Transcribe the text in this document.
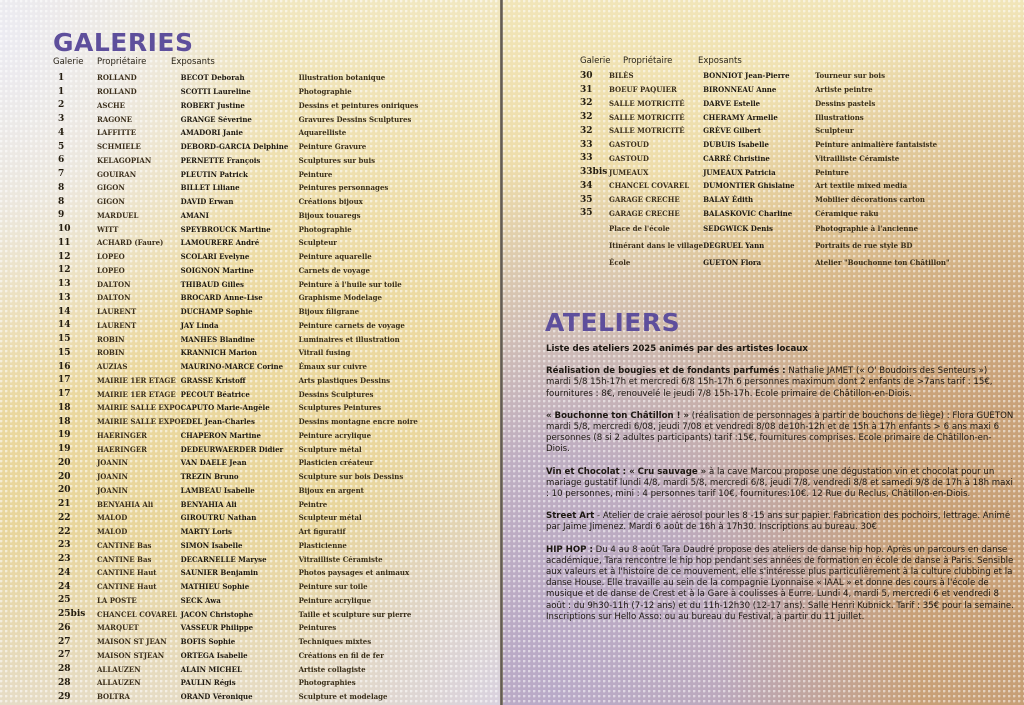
GALERIES
Galerie	Propriétaire	Exposants
1	ROLLAND	BECOT Deborah	Illustration botanique
1	ROLLAND	SCOTTI Laureline	Photographie
2	ASCHE	ROBERT Justine	Dessins et peintures oniriques
3	RAGONE	GRANGE Séverine	Gravures Dessins Sculptures
4	LAFFITTE	AMADORI Janie	Aquarelliste
5	SCHMIELE	DEBORD-GARCIA Delphine	Peinture Gravure
6	KELAGOPIAN	PERNETTE François	Sculptures sur buis
7	GOUIRAN	PLEUTIN Patrick	Peinture
8	GIGON	BILLET Liliane	Peintures personnages
8	GIGON	DAVID Erwan	Créations bijoux
9	MARDUEL	AMANI	Bijoux touaregs
10	WITT	SPEYBROUCK Martine	Photographie
11	ACHARD (Faure)	LAMOURERE André	Sculpteur
12	LOPEO	SCOLARI Evelyne	Peinture aquarelle
12	LOPEO	SOIGNON Martine	Carnets de voyage
13	DALTON	THIBAUD Gilles	Peinture à l'huile sur toile
13	DALTON	BROCARD Anne-Lise	Graphisme Modelage
14	LAURENT	DUCHAMP Sophie	Bijoux filigrane
14	LAURENT	JAY Linda	Peinture carnets de voyage
15	ROBIN	MANHES Blandine	Luminaires et illustration
15	ROBIN	KRANNICH Marion	Vitrail fusing
16	AUZIAS	MAURINO-MARCE Corine	Émaux sur cuivre
17	MAIRIE 1ER ETAGE	GRASSE Kristoff	Arts plastiques Dessins
17	MAIRIE 1ER ETAGE	PECOUT Béatrice	Dessins Sculptures
18	MAIRIE SALLE EXPO	CAPUTO Marie-Angèle	Sculptures Peintures
18	MAIRIE SALLE EXPO	EDEL Jean-Charles	Dessins montagne encre noire
19	HAERINGER	CHAPERON Martine	Peinture acrylique
19	HAERINGER	DEDEURWAERDER Didier	Sculpture métal
20	JOANIN	VAN DAELE Jean	Plasticien créateur
20	JOANIN	TREZIN Bruno	Sculpture sur bois Dessins
20	JOANIN	LAMBEAU Isabelle	Bijoux en argent
21	BENYAHIA Ali	BENYAHIA Ali	Peintre
22	MALOD	GIROUTRU Nathan	Sculpteur métal
22	MALOD	MARTY Loris	Art figuratif
23	CANTINE Bas	SIMON Isabelle	Plasticienne
23	CANTINE Bas	DECARNELLE Maryse	Vitrailliste Céramiste
24	CANTINE Haut	SAUNIER Benjamin	Photos paysages et animaux
24	CANTINE Haut	MATHIEU Sophie	Peinture sur toile
25	LA POSTE	SECK Awa	Peinture acrylique
25bis	CHANCEL COVAREL	JACON Christophe	Taille et sculpture sur pierre
26	MARQUET	VASSEUR Philippe	Peintures
27	MAISON ST JEAN	BOFIS Sophie	Techniques mixtes
27	MAISON STJEAN	ORTEGA Isabelle	Créations en fil de fer
28	ALLAUZEN	ALAIN MICHEL	Artiste collagiste
28	ALLAUZEN	PAULIN Régis	Photographies
29	BOLTRA	ORAND Véronique	Sculpture et modelage
Galerie	Propriétaire	Exposants
30	BILÈS	BONNIOT Jean-Pierre	Tourneur sur bois
31	BOEUF PAQUIER	BIRONNEAU Anne	Artiste peintre
32	SALLE MOTRICITÉ	DARVE Estelle	Dessins pastels
32	SALLE MOTRICITÉ	CHERAMY Armelle	Illustrations
32	SALLE MOTRICITÉ	GRÈVE Gilbert	Sculpteur
33	GASTOUD	DUBUIS Isabelle	Peinture animalière fantaisiste
33	GASTOUD	CARRÉ Christine	Vitrailliste Céramiste
33bis	JUMEAUX	JUMEAUX Patricia	Peinture
34	CHANCEL COVAREL	DUMONTIER Ghislaine	Art textile mixed media
35	GARAGE CRECHE	BALAY Édith	Mobilier décorations carton
35	GARAGE CRECHE	BALASKOVIC Charline	Céramique raku
	Place de l'école	SEDGWICK Denis	Photographie à l'ancienne
	Itinérant dans le village	DEGRUEL Yann	Portraits de rue style BD
	École	GUETON Flora	Atelier "Bouchonne ton Châtillon"
ATELIERS

Liste des ateliers 2025 animés par des artistes locaux

Réalisation de bougies et de fondants parfumés : Nathalie JAMET (« O' Boudoirs des Senteurs ») mardi 5/8 15h-17h et mercredi 6/8 15h-17h 6 personnes maximum dont 2 enfants de >7ans tarif : 15€, fournitures : 8€, renouvelé le jeudi 7/8 15h-17h. Ecole primaire de Châtillon-en-Diois.

« Bouchonne ton Châtillon ! » (réalisation de personnages à partir de bouchons de liège) : Flora GUETON mardi 5/8, mercredi 6/08, jeudi 7/08 et vendredi 8/08 de10h-12h et de 15h à 17h enfants > 6 ans maxi 6 personnes (8 si 2 adultes participants) tarif :15€, fournitures comprises. Ecole primaire de Châtillon-en-Diois.

Vin et Chocolat : « Cru sauvage » à la cave Marcou propose une dégustation vin et chocolat pour un mariage gustatif lundi 4/8, mardi 5/8, mercredi 6/8, jeudi 7/8, vendredi 8/8 et samedi 9/8 de 17h à 18h maxi : 10 personnes, mini : 4 personnes tarif 10€, fournitures:10€. 12 Rue du Reclus, Châtillon-en-Diois.

Street Art - Atelier de craie aérosol pour les 8 -15 ans sur papier. Fabrication des pochoirs, lettrage. Animé par Jaime Jimenez. Mardi 6 août de 16h à 17h30. Inscriptions au bureau. 30€

HIP HOP : Du 4 au 8 août Tara Daudré propose des ateliers de danse hip hop. Après un parcours en danse académique, Tara rencontre le hip hop pendant ses années de formation en école de danse à Paris. Sensible aux valeurs et à l'histoire de ce mouvement, elle s'intéresse plus particulièrement à la culture clubbing et la danse House. Elle travaille au sein de la compagnie Lyonnaise « IAAL » et donne des cours à l'école de musique et de danse de Crest et à la Gare à coulisses à Eurre. Lundi 4, mardi 5, mercredi 6 et vendredi 8 août : du 9h30-11h (7-12 ans) et du 11h-12h30 (12-17 ans). Salle Henri Kubnick. Tarif : 35€ pour la semaine. Inscriptions sur Hello Asso: ou au bureau du Festival, à partir du 11 juillet.
